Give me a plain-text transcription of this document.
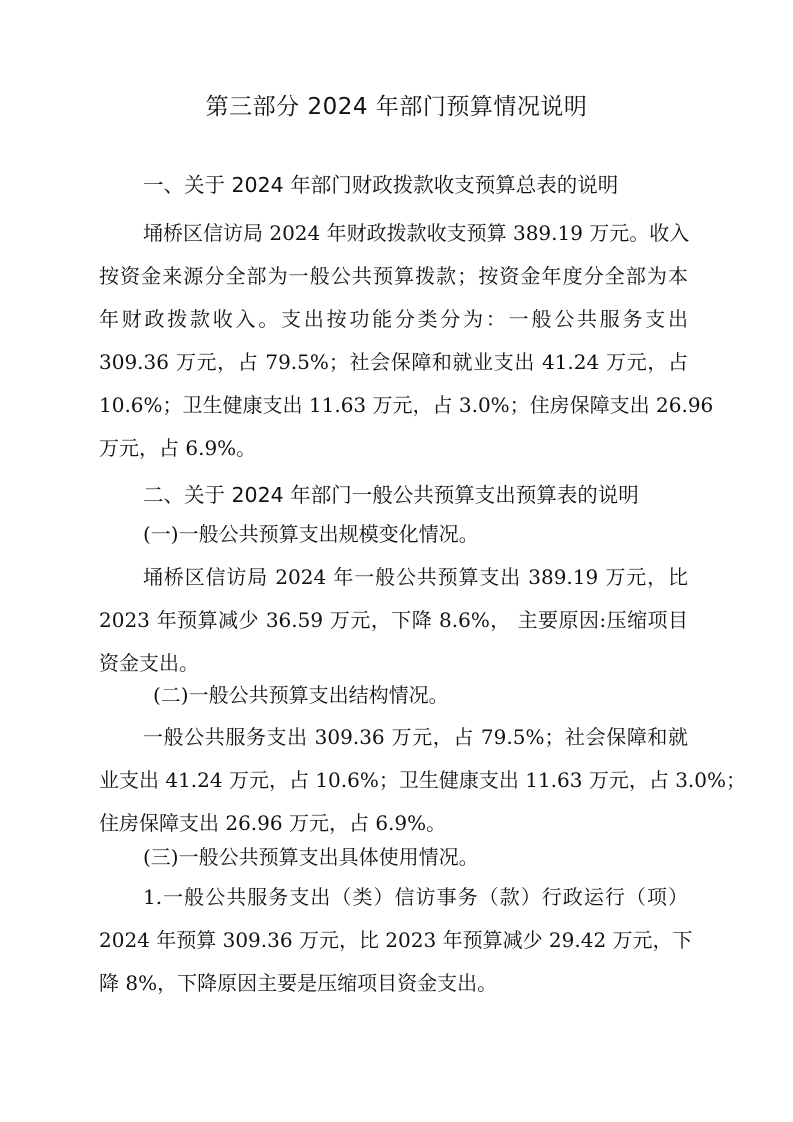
第三部分 2024 年部门预算情况说明
一、关于 2024 年部门财政拨款收支预算总表的说明

埇桥区信访局 2024 年财政拨款收支预算 389.19 万元。收入

按资金来源分全部为一般公共预算拨款；按资金年度分全部为本

年财政拨款收入。支出按功能分类分为：一般公共服务支出

309.36 万元，占 79.5%；社会保障和就业支出 41.24 万元，占

10.6%；卫生健康支出 11.63 万元，占 3.0%；住房保障支出 26.96

万元，占 6.9%。

二、关于 2024 年部门一般公共预算支出预算表的说明

(一)一般公共预算支出规模变化情况。

埇桥区信访局 2024 年一般公共预算支出 389.19 万元，比

2023 年预算减少 36.59 万元，下降 8.6%， 主要原因:压缩项目

资金支出。

(二)一般公共预算支出结构情况。

一般公共服务支出 309.36 万元，占 79.5%；社会保障和就

业支出 41.24 万元，占 10.6%；卫生健康支出 11.63 万元，占 3.0%；

住房保障支出 26.96 万元，占 6.9%。

(三)一般公共预算支出具体使用情况。

1.一般公共服务支出（类）信访事务（款）行政运行（项）

2024 年预算 309.36 万元，比 2023 年预算减少 29.42 万元，下

降 8%，下降原因主要是压缩项目资金支出。
